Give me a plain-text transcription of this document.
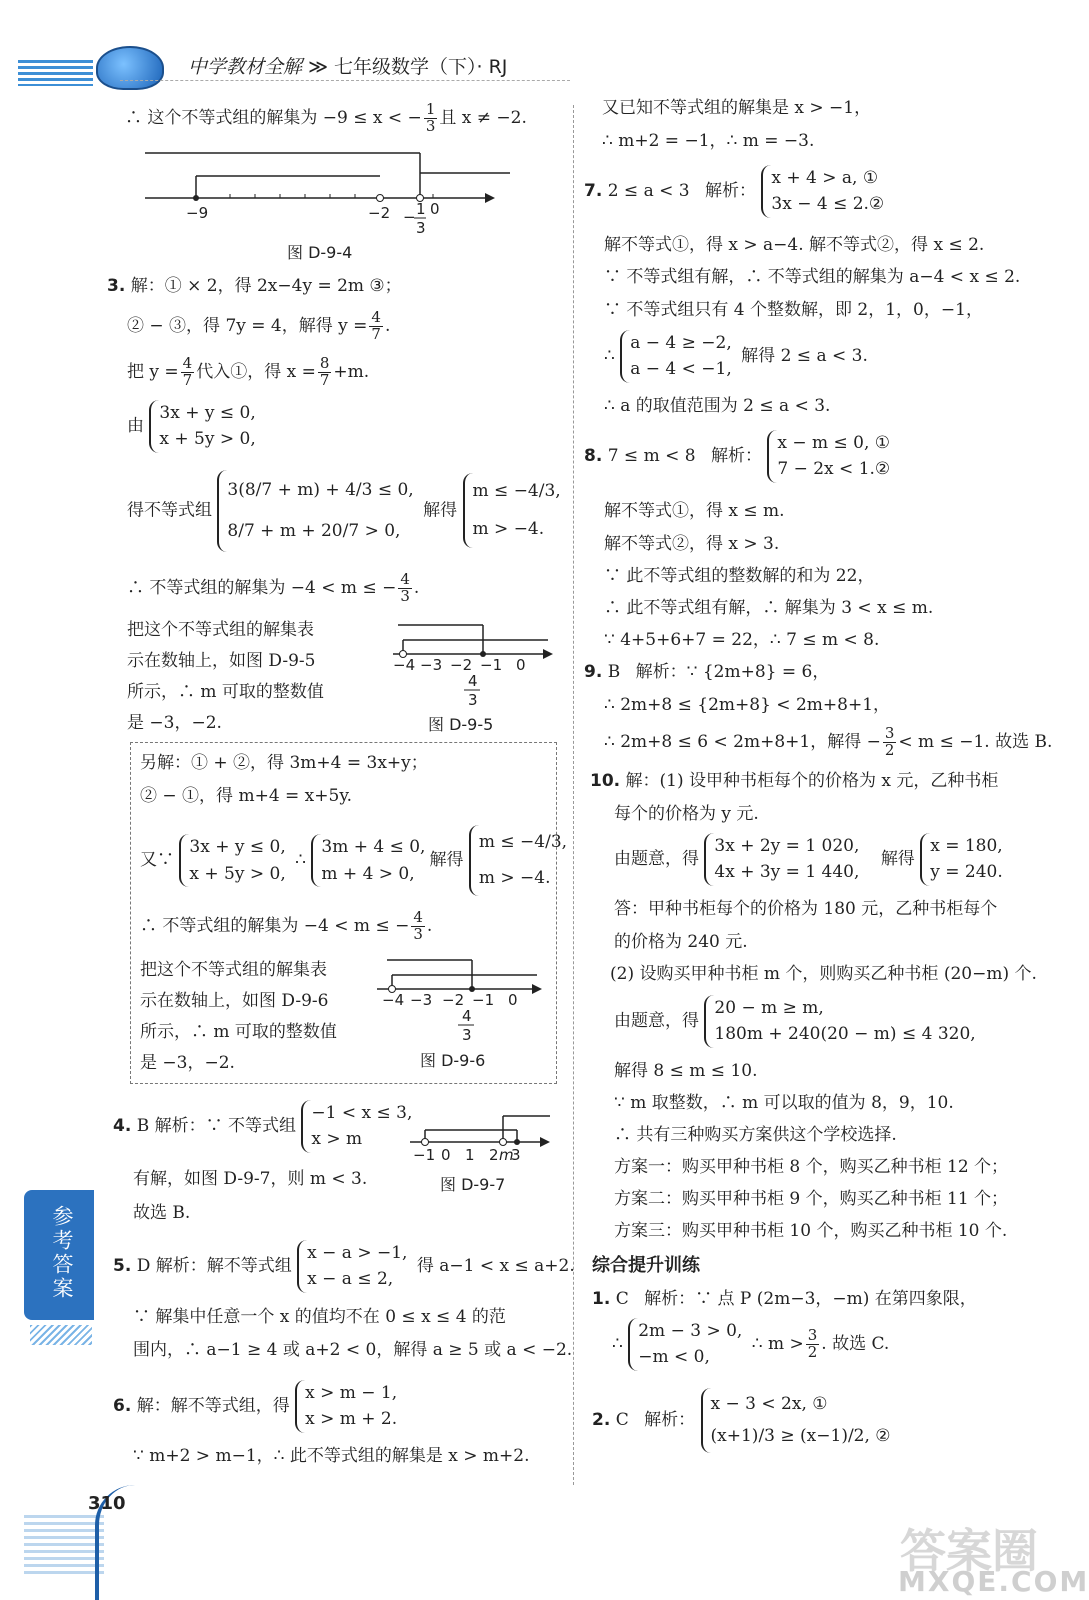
中学教材全解 ≫ 七年级数学（下）· RJ
∴ 这个不等式组的解集为 −9 ≤ x < − $\frac{1}{3}$ 且 x ≠ −2.
−9	−2 − 1
3
0
图 D-9-4
3. 解：① × 2，得 2x−4y = 2m ③；
② − ③，得 7y = 4，解得 $y = \frac{4}{7}$ .
把 $y = \frac{4}{7}$ 代入①，得 $x = \frac{8}{7} +m$.
由 3x + y ≤ 0,
x + 5y > 0,
得不等式组 3(8/7 + m) + 4/3 ≤ 0,
8/7 + m + 20/7 > 0, 解得 m ≤ −4/3,
m > −4.
∴ 不等式组的解集为 −4 < m ≤ − $\frac{4}{3}$ .
把这个不等式组的解集表
示在数轴上，如图 D-9-5
所示，∴ m 可取的整数值
是 −3，−2.
−4 −3 −2 −1 0
4
3
图 D-9-5
另解：① + ②，得 3m+4 = 3x+y；
② − ①，得 m+4 = x+5y.
又∵ 3x + y ≤ 0,
x + 5y > 0, ∴ 3m + 4 ≤ 0,
m + 4 > 0,解得 m ≤ −4/3,
m > −4.
∴ 不等式组的解集为 −4 < m ≤ − $\frac{4}{3}$ .
把这个不等式组的解集表
示在数轴上，如图 D-9-6
所示，∴ m 可取的整数值
是 −3，−2.
−4 −3 −2 −1 0
4
3
图 D-9-6
4. B 解析：∵ 不等式组 −1 < x ≤ 3,
x > m
−1 0 1 2 m
3
图 D-9-7
有解，如图 D-9-7，则 m < 3.
故选 B.
5. D 解析：解不等式组 x − a > −1,
x − a ≤ 2, 得 a−1 < x ≤ a+2.
∵ 解集中任意一个 x 的值均不在 0 ≤ x ≤ 4 的范
围内，∴ a−1 ≥ 4 或 a+2 < 0，解得 a ≥ 5 或 a < −2.
6. 解：解不等式组，得 x > m − 1,
x > m + 2.
∵ m+2 > m−1，∴ 此不等式组的解集是 x > m+2.
又已知不等式组的解集是 x > −1，
∴ m+2 = −1，∴ m = −3.
7. 2 ≤ a < 3 解析： x + 4 > a, ①
3x − 4 ≤ 2.②
解不等式①，得 x > a−4. 解不等式②，得 x ≤ 2.
∵ 不等式组有解，∴ 不等式组的解集为 a−4 < x ≤ 2.
∵ 不等式组只有 4 个整数解，即 2，1，0，−1，
∴ a − 4 ≥ −2,
a − 4 < −1, 解得 2 ≤ a < 3.
∴ a 的取值范围为 2 ≤ a < 3.
8. 7 ≤ m < 8 解析： x − m ≤ 0, ①
7 − 2x < 1.②
解不等式①，得 x ≤ m.
解不等式②，得 x > 3.
∵ 此不等式组的整数解的和为 22，
∴ 此不等式组有解，∴ 解集为 3 < x ≤ m.
∵ 4+5+6+7 = 22，∴ 7 ≤ m < 8.
9. B 解析：∵ {2m+8} = 6，
∴ 2m+8 ≤ {2m+8} < 2m+8+1，
∴ 2m+8 ≤ 6 < 2m+8+1，解得 − $\frac{3}{2} < m \le -1$. 故选 B.
10. 解：(1) 设甲种书柜每个的价格为 x 元，乙种书柜
每个的价格为 y 元.
由题意，得 3x + 2y = 1 020,
4x + 3y = 1 440, 解得 x = 180,
y = 240.
答：甲种书柜每个的价格为 180 元，乙种书柜每个
的价格为 240 元.
(2) 设购买甲种书柜 m 个，则购买乙种书柜 (20−m) 个.
由题意，得 20 − m ≥ m,
180m + 240(20 − m) ≤ 4 320,
解得 8 ≤ m ≤ 10.
∵ m 取整数，∴ m 可以取的值为 8，9，10.
∴ 共有三种购买方案供这个学校选择.
方案一：购买甲种书柜 8 个，购买乙种书柜 12 个；
方案二：购买甲种书柜 9 个，购买乙种书柜 11 个；
方案三：购买甲种书柜 10 个，购买乙种书柜 10 个.
综合提升训练
1. C 解析：∵ 点 P (2m−3，−m) 在第四象限，
∴ 2m − 3 > 0,
−m < 0, ∴ $m > \frac{3}{2}$ . 故选 C.
2. C 解析： x − 3 < 2x, ①
(x+1)/3 ≥ (x−1)/2, ②
参考答案
310
答案圈
MXQE.COM
